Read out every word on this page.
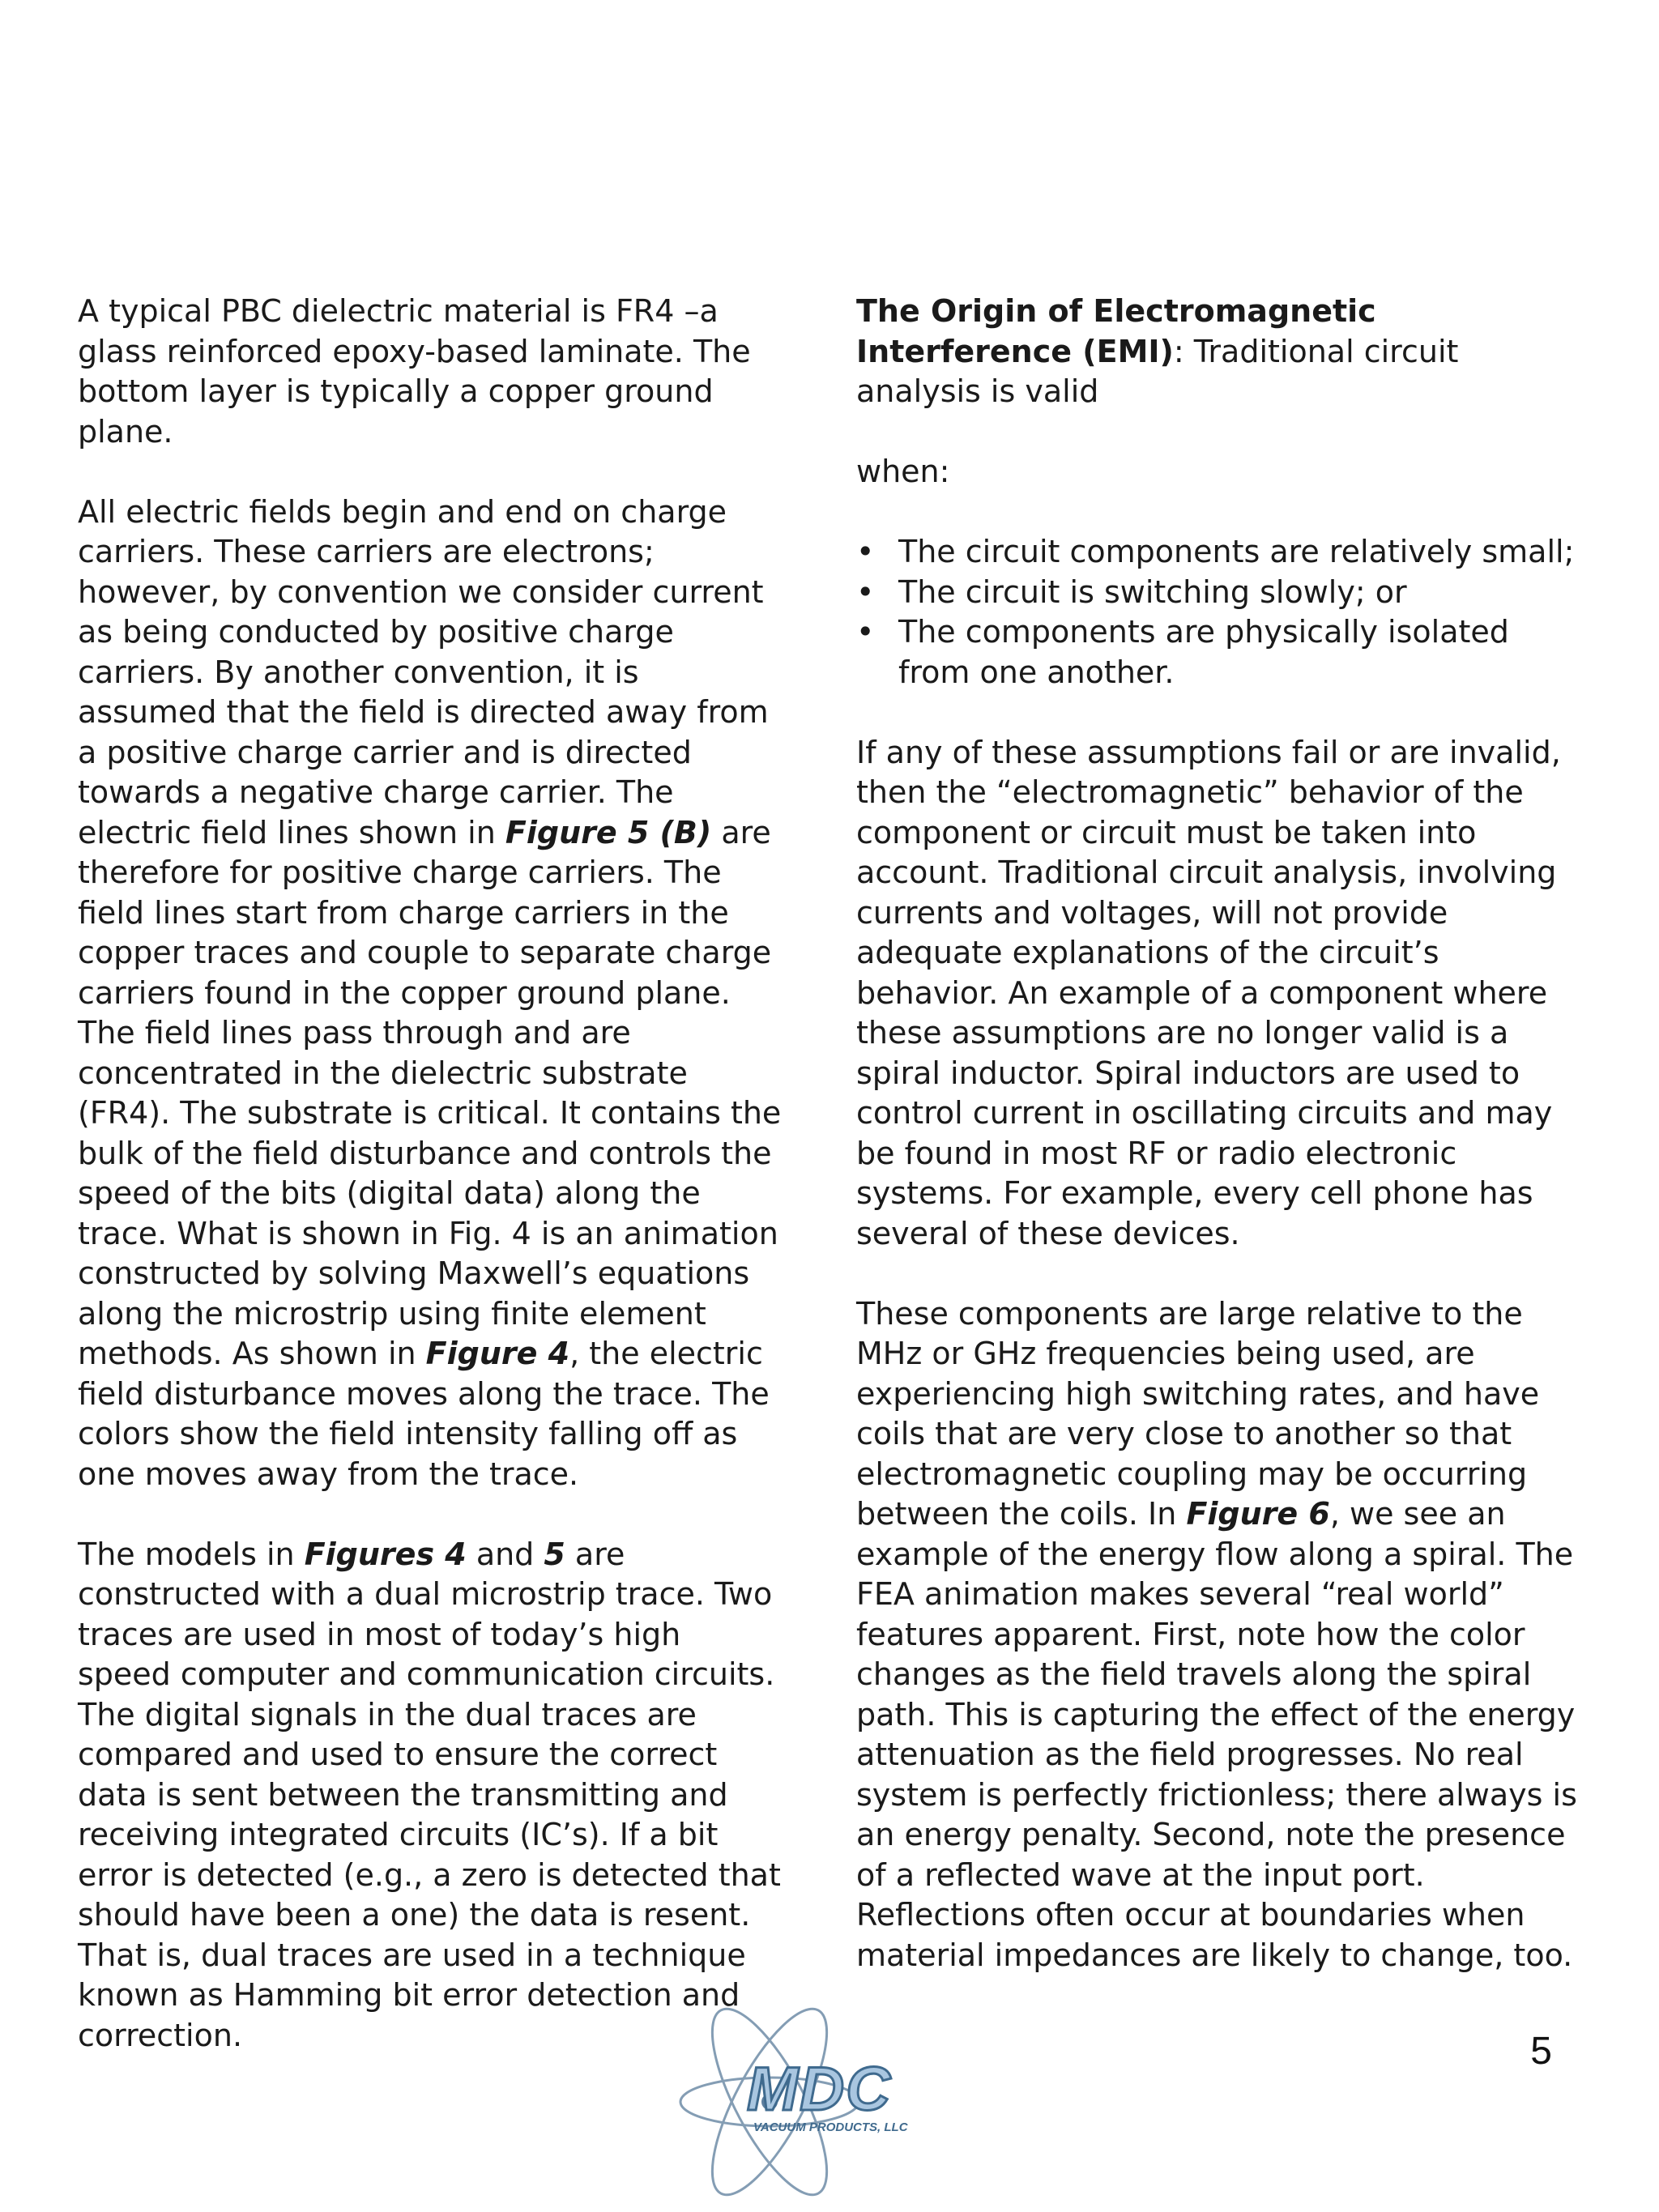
A typical PBC dielectric material is FR4 –a glass reinforced epoxy-based laminate. The bottom layer is typically a copper ground plane.

All electric fields begin and end on charge carriers. These carriers are electrons; however, by convention we consider current as being conducted by positive charge carriers. By another convention, it is assumed that the field is directed away from a positive charge carrier and is directed towards a negative charge carrier. The electric field lines shown in Figure 5 (B) are therefore for positive charge carriers. The field lines start from charge carriers in the copper traces and couple to separate charge carriers found in the copper ground plane. The field lines pass through and are concentrated in the dielectric substrate (FR4). The substrate is critical. It contains the bulk of the field disturbance and controls the speed of the bits (digital data) along the trace. What is shown in Fig. 4 is an animation constructed by solving Maxwell’s equations along the microstrip using finite element methods. As shown in Figure 4, the electric field disturbance moves along the trace. The colors show the field intensity falling off as one moves away from the trace.

The models in Figures 4 and 5 are constructed with a dual microstrip trace. Two traces are used in most of today’s high speed computer and communication circuits. The digital signals in the dual traces are compared and used to ensure the correct data is sent between the transmitting and receiving integrated circuits (IC’s). If a bit error is detected (e.g., a zero is detected that should have been a one) the data is resent. That is, dual traces are used in a technique known as Hamming bit error detection and correction.

The Origin of Electromagnetic Interference (EMI): Traditional circuit analysis is valid

when:

• The circuit components are relatively small;
• The circuit is switching slowly; or
• The components are physically isolated from one another.

If any of these assumptions fail or are invalid, then the “electromagnetic” behavior of the component or circuit must be taken into account. Traditional circuit analysis, involving currents and voltages, will not provide adequate explanations of the circuit’s behavior. An example of a component where these assumptions are no longer valid is a spiral inductor. Spiral inductors are used to control current in oscillating circuits and may be found in most RF or radio electronic systems. For example, every cell phone has several of these devices.

These components are large relative to the MHz or GHz frequencies being used, are experiencing high switching rates, and have coils that are very close to another so that electromagnetic coupling may be occurring between the coils. In Figure 6, we see an example of the energy flow along a spiral. The FEA animation makes several “real world” features apparent. First, note how the color changes as the field travels along the spiral path. This is capturing the effect of the energy attenuation as the field progresses. No real system is perfectly frictionless; there always is an energy penalty. Second, note the presence of a reflected wave at the input port. Reflections often occur at boundaries when material impedances are likely to change, too.

MDC
VACUUM PRODUCTS, LLC
5
